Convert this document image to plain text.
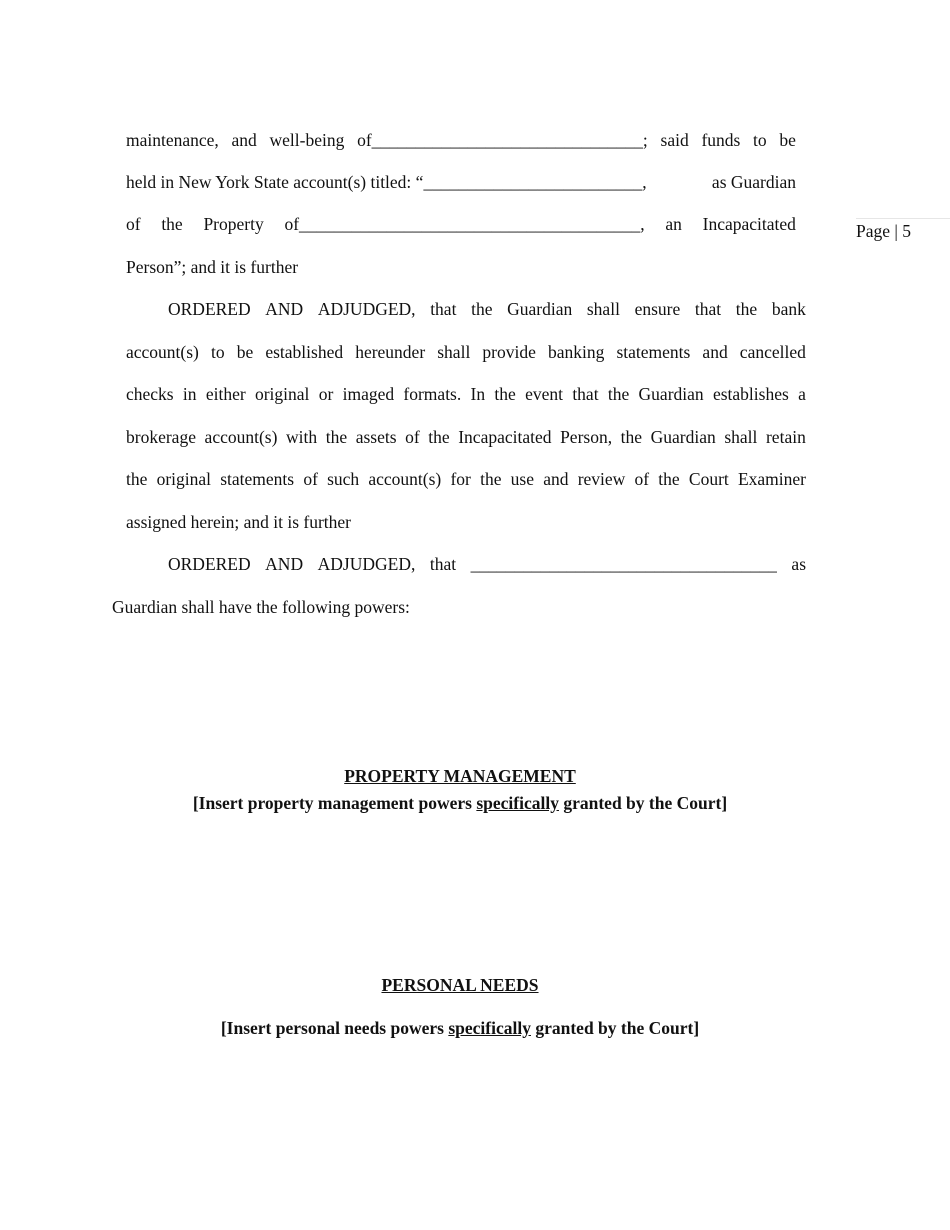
maintenance, and well-being of_______________________________; said funds to be
held in New York State account(s) titled: “_________________________,	as Guardian
of the Property of_______________________________________, an Incapacitated
Person”; and it is further
ORDERED AND ADJUDGED, that the Guardian shall ensure that the bank
account(s) to be established hereunder shall provide banking statements and cancelled
checks in either original or imaged formats. In the event that the Guardian establishes a
brokerage account(s) with the assets of the Incapacitated Person, the Guardian shall retain
the original statements of such account(s) for the use and review of the Court Examiner
assigned herein; and it is further
ORDERED AND ADJUDGED, that ___________________________________ as
Guardian shall have the following powers:
Page | 5
PROPERTY MANAGEMENT
[Insert property management powers specifically granted by the Court]
PERSONAL NEEDS
[Insert personal needs powers specifically granted by the Court]
